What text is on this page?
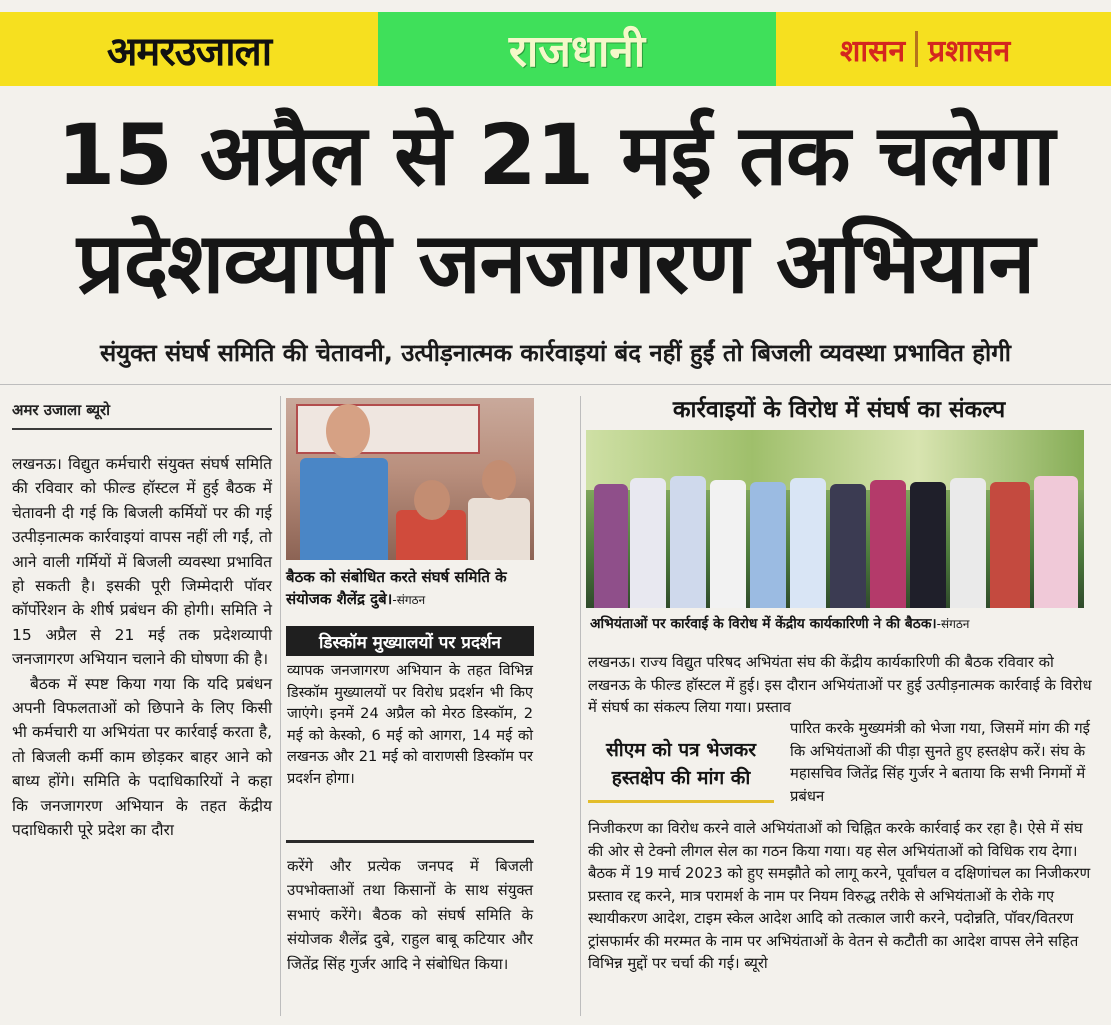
अमरउजाला	राजधानी	शासन प्रशासन
15 अप्रैल से 21 मई तक चलेगा
प्रदेशव्यापी जनजागरण अभियान
संयुक्त संघर्ष समिति की चेतावनी, उत्पीड़नात्मक कार्रवाइयां बंद नहीं हुईं तो बिजली व्यवस्था प्रभावित होगी
अमर उजाला ब्यूरो
लखनऊ। विद्युत कर्मचारी संयुक्त संघर्ष समिति की रविवार को फील्ड हॉस्टल में हुई बैठक में चेतावनी दी गई कि बिजली कर्मियों पर की गई उत्पीड़नात्मक कार्रवाइयां वापस नहीं ली गईं, तो आने वाली गर्मियों में बिजली व्यवस्था प्रभावित हो सकती है। इसकी पूरी जिम्मेदारी पॉवर कॉर्पोरेशन के शीर्ष प्रबंधन की होगी। समिति ने 15 अप्रैल से 21 मई तक प्रदेशव्यापी जनजागरण अभियान चलाने की घोषणा की है।
बैठक में स्पष्ट किया गया कि यदि प्रबंधन अपनी विफलताओं को छिपाने के लिए किसी भी कर्मचारी या अभियंता पर कार्रवाई करता है, तो बिजली कर्मी काम छोड़कर बाहर आने को बाध्य होंगे। समिति के पदाधिकारियों ने कहा कि जनजागरण अभियान के तहत केंद्रीय पदाधिकारी पूरे प्रदेश का दौरा
बैठक को संबोधित करते संघर्ष समिति के संयोजक शैलेंद्र दुबे।-संगठन
डिस्कॉम मुख्यालयों पर प्रदर्शन
व्यापक जनजागरण अभियान के तहत विभिन्न डिस्कॉम मुख्यालयों पर विरोध प्रदर्शन भी किए जाएंगे। इनमें 24 अप्रैल को मेरठ डिस्कॉम, 2 मई को केस्को, 6 मई को आगरा, 14 मई को लखनऊ और 21 मई को वाराणसी डिस्कॉम पर प्रदर्शन होगा।
करेंगे और प्रत्येक जनपद में बिजली उपभोक्ताओं तथा किसानों के साथ संयुक्त सभाएं करेंगे। बैठक को संघर्ष समिति के संयोजक शैलेंद्र दुबे, राहुल बाबू कटियार और जितेंद्र सिंह गुर्जर आदि ने संबोधित किया।
कार्रवाइयों के विरोध में संघर्ष का संकल्प
अभियंताओं पर कार्रवाई के विरोध में केंद्रीय कार्यकारिणी ने की बैठक।-संगठन
लखनऊ। राज्य विद्युत परिषद अभियंता संघ की केंद्रीय कार्यकारिणी की बैठक रविवार को लखनऊ के फील्ड हॉस्टल में हुई। इस दौरान अभियंताओं पर हुई उत्पीड़नात्मक कार्रवाई के विरोध में संघर्ष का संकल्प लिया गया। प्रस्ताव
सीएम को पत्र भेजकर हस्तक्षेप की मांग की
पारित करके मुख्यमंत्री को भेजा गया, जिसमें मांग की गई कि अभियंताओं की पीड़ा सुनते हुए हस्तक्षेप करें। संघ के महासचिव जितेंद्र सिंह गुर्जर ने बताया कि सभी निगमों में प्रबंधन
निजीकरण का विरोध करने वाले अभियंताओं को चिह्नित करके कार्रवाई कर रहा है। ऐसे में संघ की ओर से टेक्नो लीगल सेल का गठन किया गया। यह सेल अभियंताओं को विधिक राय देगा। बैठक में 19 मार्च 2023 को हुए समझौते को लागू करने, पूर्वांचल व दक्षिणांचल का निजीकरण प्रस्ताव रद्द करने, मात्र परामर्श के नाम पर नियम विरुद्ध तरीके से अभियंताओं के रोके गए स्थायीकरण आदेश, टाइम स्केल आदेश आदि को तत्काल जारी करने, पदोन्नति, पॉवर/वितरण ट्रांसफार्मर की मरम्मत के नाम पर अभियंताओं के वेतन से कटौती का आदेश वापस लेने सहित विभिन्न मुद्दों पर चर्चा की गई। ब्यूरो
